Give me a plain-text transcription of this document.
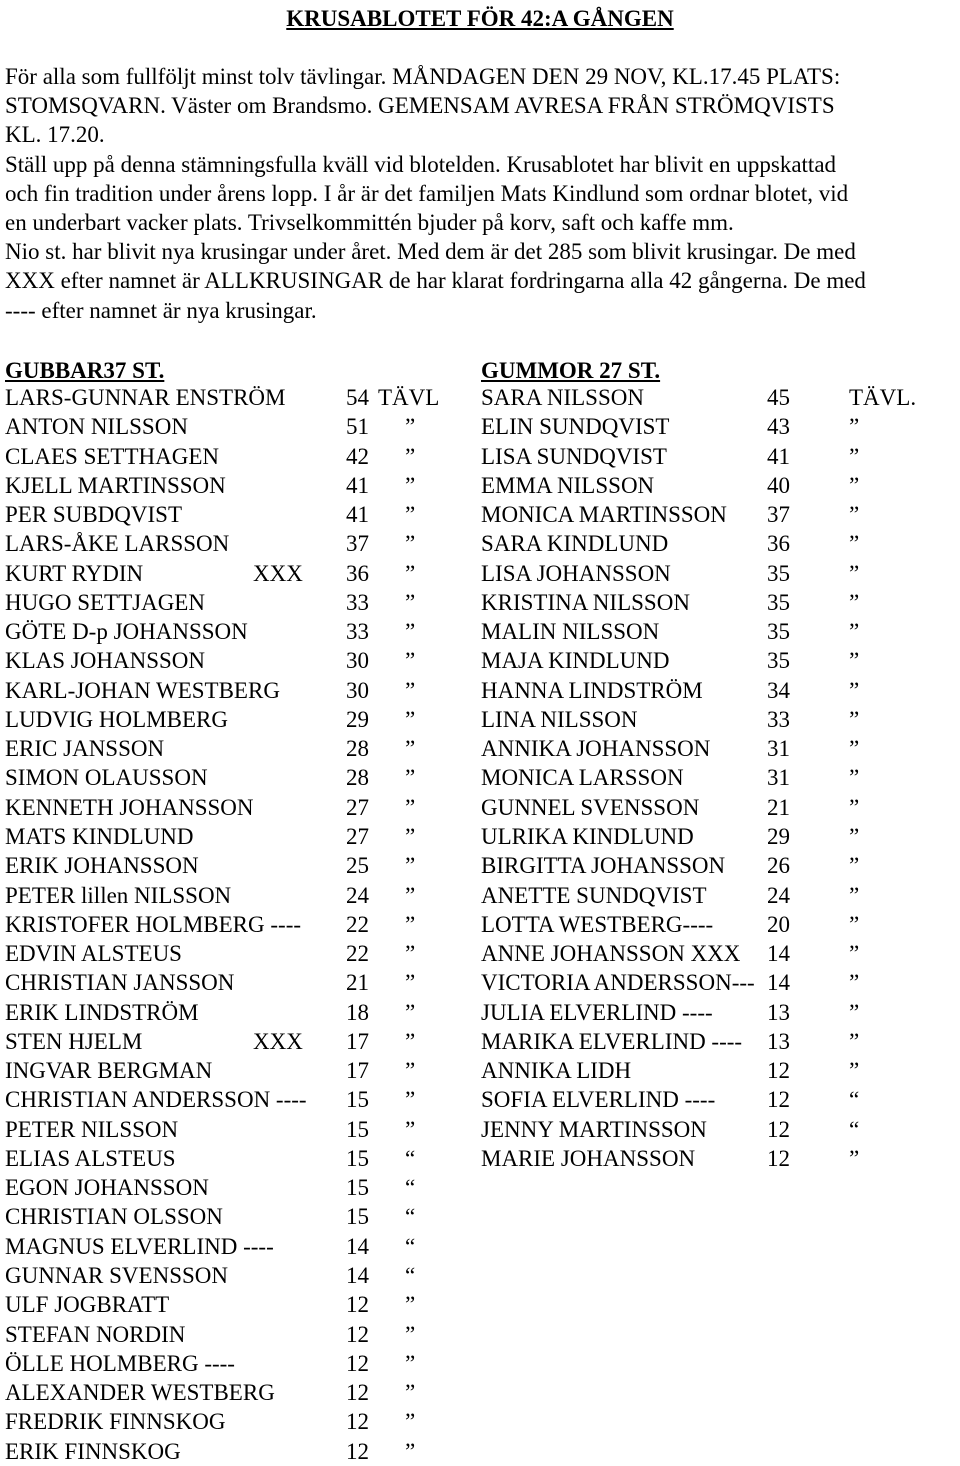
KRUSABLOTET FÖR 42:A GÅNGEN
För alla som fullföljt minst tolv tävlingar. MÅNDAGEN DEN 29 NOV, KL.17.45 PLATS:
STOMSQVARN. Väster om Brandsmo. GEMENSAM AVRESA FRÅN STRÖMQVISTS
KL. 17.20.
Ställ upp på denna stämningsfulla kväll vid blotelden. Krusablotet har blivit en uppskattad
och fin tradition under årens lopp. I år är det familjen Mats Kindlund som ordnar blotet, vid
en underbart vacker plats. Trivselkommittén bjuder på korv, saft och kaffe mm.
Nio st. har blivit nya krusingar under året. Med dem är det 285 som blivit krusingar. De med
XXX efter namnet är ALLKRUSINGAR de har klarat fordringarna alla 42 gångerna. De med
---- efter namnet är nya krusingar.
GUBBAR37 ST.	GUMMOR 27 ST.
LARS-GUNNAR ENSTRÖM	54 TÄVL
ANTON NILSSON	51 ”
CLAES SETTHAGEN	42 ”
KJELL MARTINSSON	41 ”
PER SUBDQVIST	41 ”
LARS-ÅKE LARSSON	37 ”
KURT RYDIN	XXX 36 ”
HUGO SETTJAGEN	33 ”
GÖTE D-p JOHANSSON	33 ”
KLAS JOHANSSON	30 ”
KARL-JOHAN WESTBERG	30 ”
LUDVIG HOLMBERG	29 ”
ERIC JANSSON	28 ”
SIMON OLAUSSON	28 ”
KENNETH JOHANSSON	27 ”
MATS KINDLUND	27 ”
ERIK JOHANSSON	25 ”
PETER lillen NILSSON	24 ”
KRISTOFER HOLMBERG ---- 22 ”
EDVIN ALSTEUS	22 ”
CHRISTIAN JANSSON	21 ”
ERIK LINDSTRÖM	18 ”
STEN HJELM	XXX 17 ”
INGVAR BERGMAN	17 ”
CHRISTIAN ANDERSSON ---- 15 ”
PETER NILSSON	15 ”
ELIAS ALSTEUS	15 “
EGON JOHANSSON	15 “
CHRISTIAN OLSSON	15 “
MAGNUS ELVERLIND ----	14 “
GUNNAR SVENSSON	14 “
ULF JOGBRATT	12 ”
STEFAN NORDIN	12 ”
ÖLLE HOLMBERG ----	12 ”
ALEXANDER WESTBERG	12 ”
FREDRIK FINNSKOG	12 ”
ERIK FINNSKOG	12 ”
SARA NILSSON	45	TÄVL.
ELIN SUNDQVIST	43	”
LISA SUNDQVIST	41	”
EMMA NILSSON	40	”
MONICA MARTINSSON 37	”
SARA KINDLUND	36	”
LISA JOHANSSON	35	”
KRISTINA NILSSON	35	”
MALIN NILSSON	35	”
MAJA KINDLUND	35	”
HANNA LINDSTRÖM	34	”
LINA NILSSON	33	”
ANNIKA JOHANSSON 31	”
MONICA LARSSON	31	”
GUNNEL SVENSSON	21	”
ULRIKA KINDLUND	29	”
BIRGITTA JOHANSSON 26	”
ANETTE SUNDQVIST	24	”
LOTTA WESTBERG---- 20	”
ANNE JOHANSSON XXX 14	”
VICTORIA ANDERSSON--- 14	”
JULIA ELVERLIND ---- 13	”
MARIKA ELVERLIND ---- 13	”
ANNIKA LIDH	12	”
SOFIA ELVERLIND ---- 12	“
JENNY MARTINSSON	12	“
MARIE JOHANSSON	12	”
